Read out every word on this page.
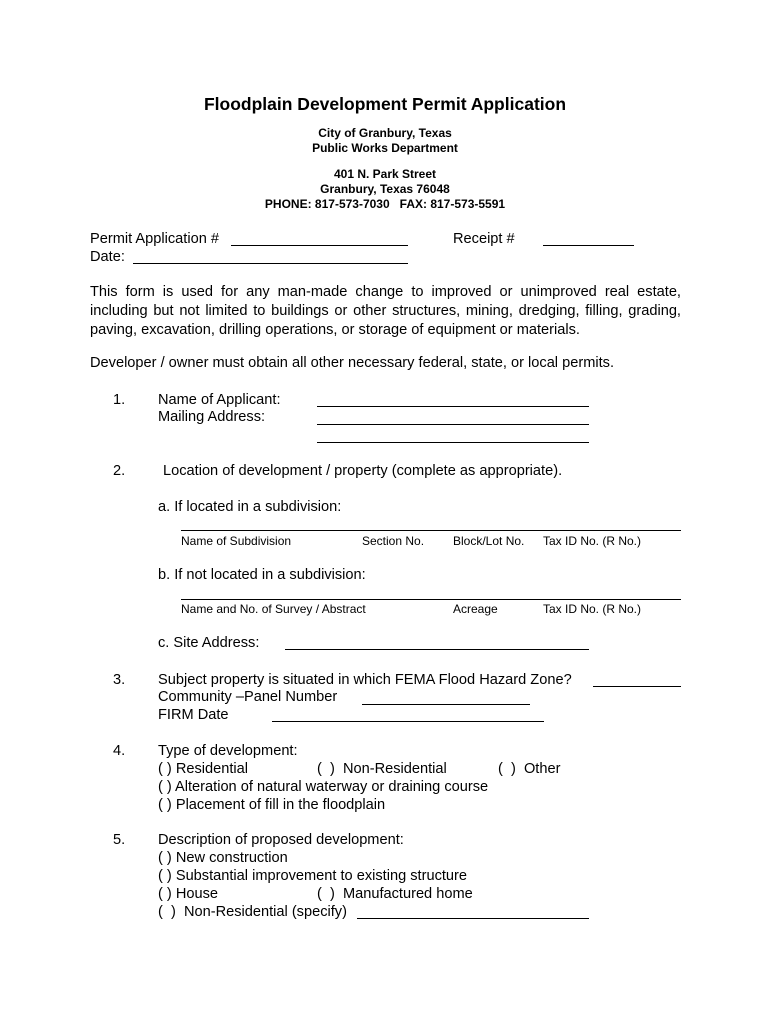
Floodplain Development Permit Application
City of Granbury, Texas
Public Works Department
401 N. Park Street
Granbury, Texas 76048
PHONE: 817-573-7030   FAX: 817-573-5591
Permit Application #	Receipt #
Date:
This form is used for any man-made change to improved or unimproved real estate, including but not limited to buildings or other structures, mining, dredging, filling, grading, paving, excavation, drilling operations, or storage of equipment or materials.
Developer / owner must obtain all other necessary federal, state, or local permits.
1. Name of Applicant:
Mailing Address:
2.	Location of development / property (complete as appropriate).
a. If located in a subdivision:
Name of Subdivision	Section No. Block/Lot No. Tax ID No. (R No.)
b. If not located in a subdivision:
Name and No. of Survey / Abstract	Acreage	Tax ID No. (R No.)
c. Site Address:
3. Subject property is situated in which FEMA Flood Hazard Zone?
Community –Panel Number
FIRM Date
4. Type of development:
( ) Residential	(  )  Non-Residential	(  )  Other
( ) Alteration of natural waterway or draining course
( ) Placement of fill in the floodplain
5. Description of proposed development:
( ) New construction
( ) Substantial improvement to existing structure
( ) House	(  )  Manufactured home
(  )  Non-Residential (specify)
